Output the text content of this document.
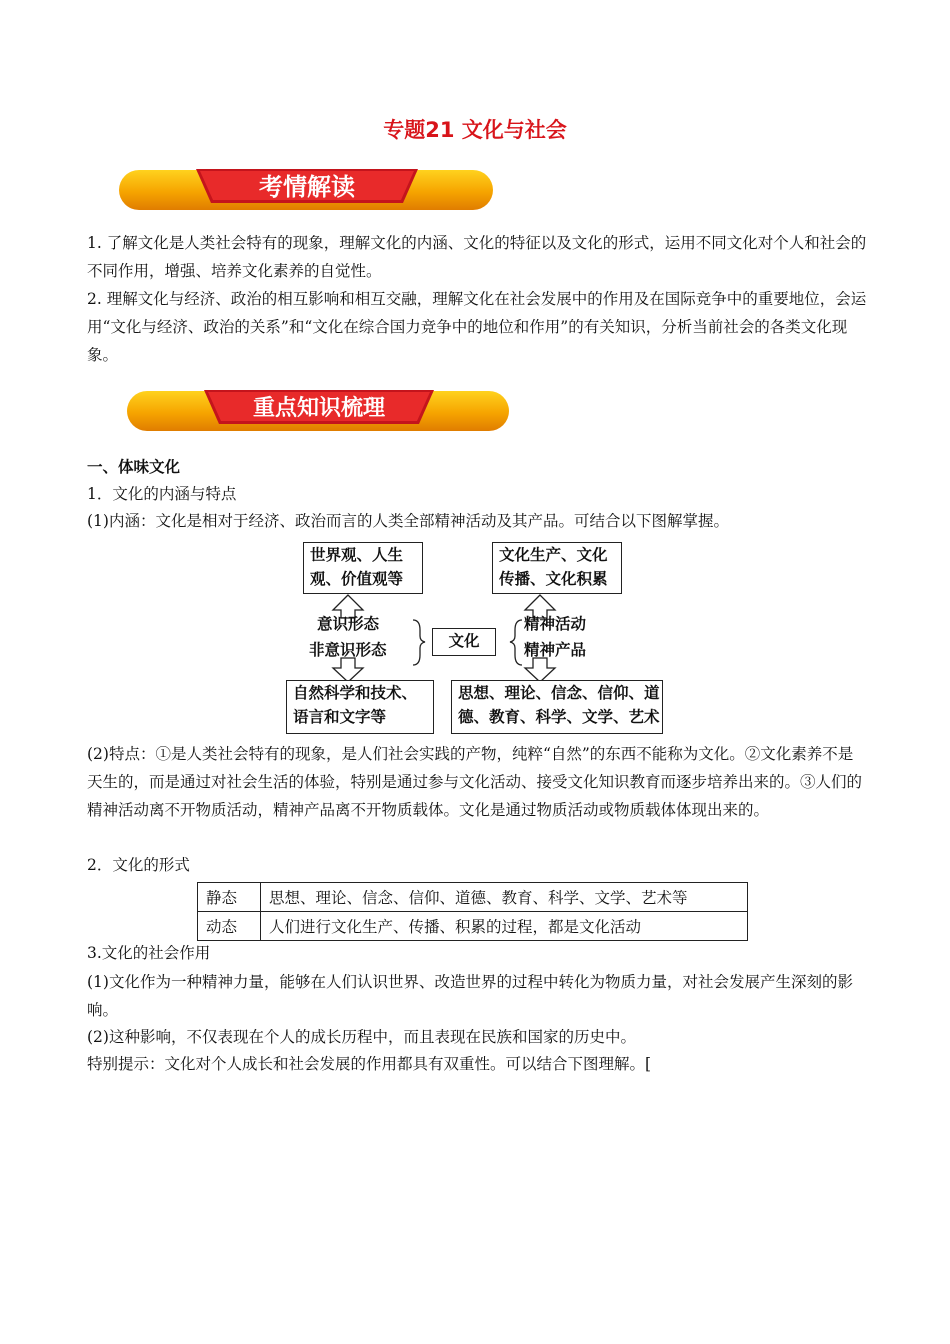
专题21 文化与社会
考情解读
1. 了解文化是人类社会特有的现象，理解文化的内涵、文化的特征以及文化的形式，运用不同文化对个人和社会的不同作用，增强、培养文化素养的自觉性。
2. 理解文化与经济、政治的相互影响和相互交融，理解文化在社会发展中的作用及在国际竞争中的重要地位，会运用“文化与经济、政治的关系”和“文化在综合国力竞争中的地位和作用”的有关知识，分析当前社会的各类文化现象。
重点知识梳理
一、体味文化
1．文化的内涵与特点
(1)内涵：文化是相对于经济、政治而言的人类全部精神活动及其产品。可结合以下图解掌握。
世界观、人生
观、价值观等
文化生产、文化
传播、文化积累
意识形态
非意识形态	文化
精神活动
精神产品
自然科学和技术、
语言和文字等
思想、理论、信念、信仰、道
德、教育、科学、文学、艺术
(2)特点：①是人类社会特有的现象，是人们社会实践的产物，纯粹“自然”的东西不能称为文化。②文化素养不是天生的，而是通过对社会生活的体验，特别是通过参与文化活动、接受文化知识教育而逐步培养出来的。③人们的精神活动离不开物质活动，精神产品离不开物质载体。文化是通过物质活动或物质载体体现出来的。
2．文化的形式
静态	思想、理论、信念、信仰、道德、教育、科学、文学、艺术等
动态	人们进行文化生产、传播、积累的过程，都是文化活动
3.文化的社会作用
(1)文化作为一种精神力量，能够在人们认识世界、改造世界的过程中转化为物质力量，对社会发展产生深刻的影响。
(2)这种影响，不仅表现在个人的成长历程中，而且表现在民族和国家的历史中。
特别提示：文化对个人成长和社会发展的作用都具有双重性。可以结合下图理解。[
